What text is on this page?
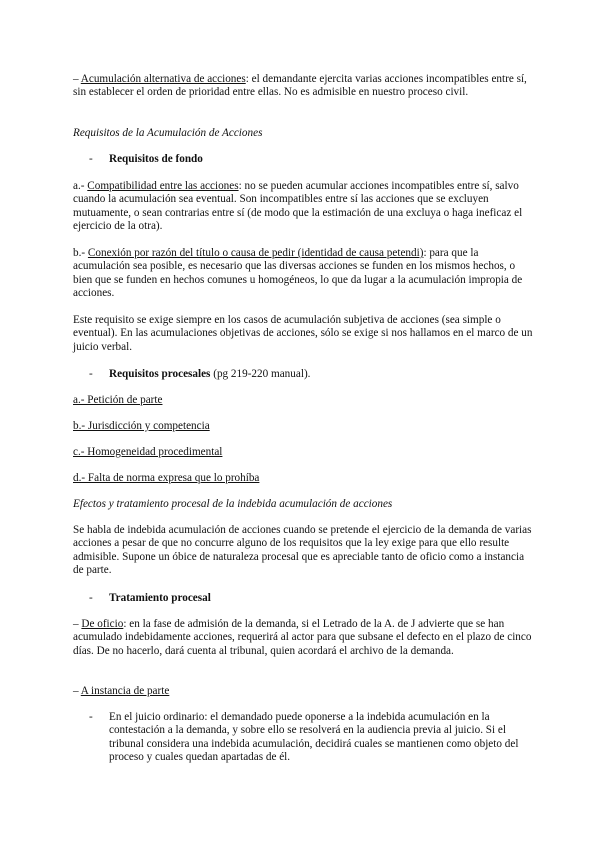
– Acumulación alternativa de acciones: el demandante ejercita varias acciones incompatibles entre sí, sin establecer el orden de prioridad entre ellas. No es admisible en nuestro proceso civil.

Requisitos de la Acumulación de Acciones

- Requisitos de fondo

a.- Compatibilidad entre las acciones: no se pueden acumular acciones incompatibles entre sí, salvo cuando la acumulación sea eventual. Son incompatibles entre sí las acciones que se excluyen mutuamente, o sean contrarias entre sí (de modo que la estimación de una excluya o haga ineficaz el ejercicio de la otra).

b.- Conexión por razón del título o causa de pedir (identidad de causa petendi): para que la acumulación sea posible, es necesario que las diversas acciones se funden en los mismos hechos, o bien que se funden en hechos comunes u homogéneos, lo que da lugar a la acumulación impropia de acciones.

Este requisito se exige siempre en los casos de acumulación subjetiva de acciones (sea simple o eventual). En las acumulaciones objetivas de acciones, sólo se exige si nos hallamos en el marco de un juicio verbal.

- Requisitos procesales (pg 219-220 manual).

a.- Petición de parte

b.- Jurisdicción y competencia

c.- Homogeneidad procedimental

d.- Falta de norma expresa que lo prohíba

Efectos y tratamiento procesal de la indebida acumulación de acciones

Se habla de indebida acumulación de acciones cuando se pretende el ejercicio de la demanda de varias acciones a pesar de que no concurre alguno de los requisitos que la ley exige para que ello resulte admisible. Supone un óbice de naturaleza procesal que es apreciable tanto de oficio como a instancia de parte.

- Tratamiento procesal

– De oficio: en la fase de admisión de la demanda, si el Letrado de la A. de J advierte que se han acumulado indebidamente acciones, requerirá al actor para que subsane el defecto en el plazo de cinco días. De no hacerlo, dará cuenta al tribunal, quien acordará el archivo de la demanda.

– A instancia de parte

-	En el juicio ordinario: el demandado puede oponerse a la indebida acumulación en la contestación a la demanda, y sobre ello se resolverá en la audiencia previa al juicio. Si el tribunal considera una indebida acumulación, decidirá cuales se mantienen como objeto del proceso y cuales quedan apartadas de él.
